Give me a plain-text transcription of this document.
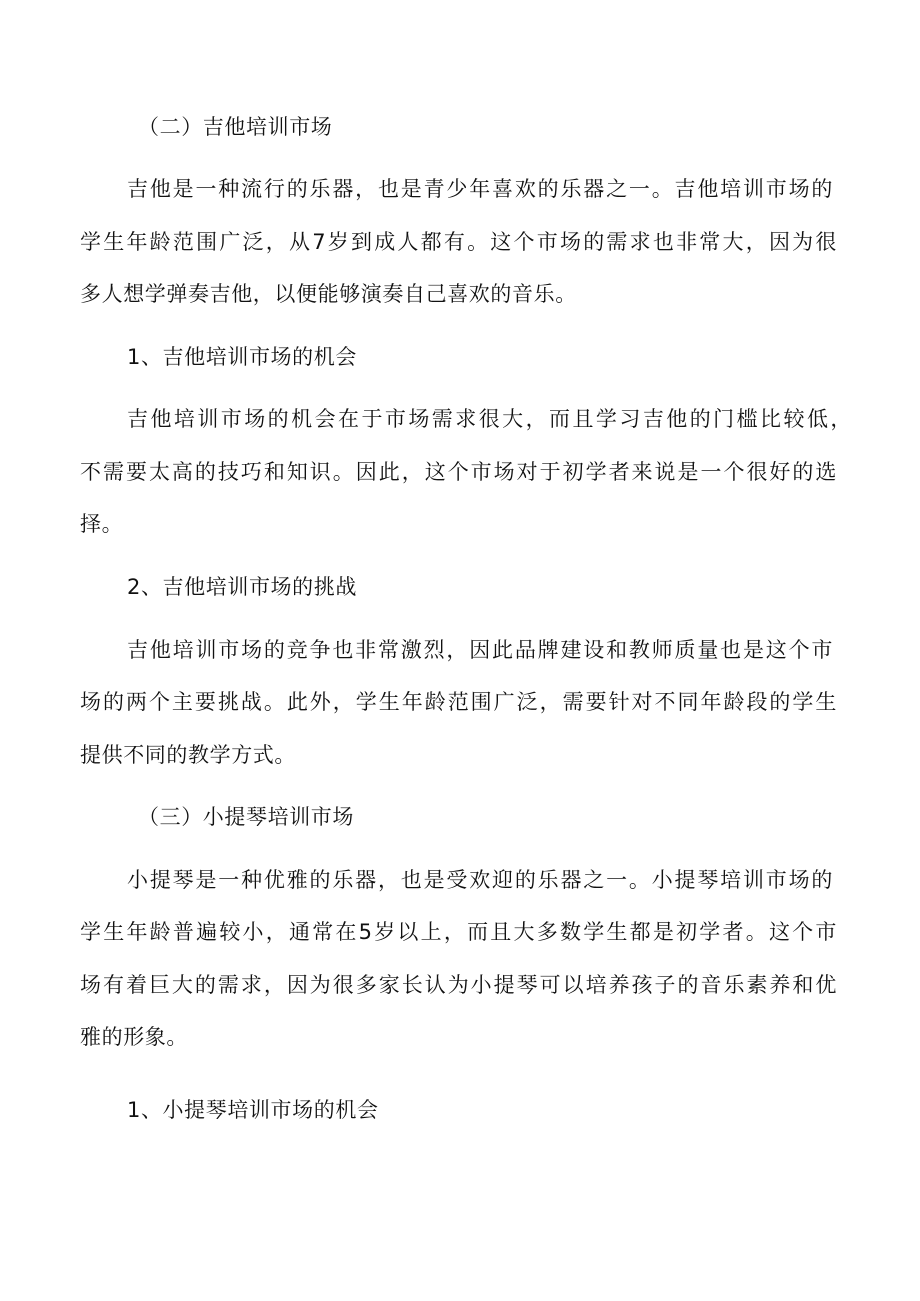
（二）吉他培训市场
吉他是一种流行的乐器，也是青少年喜欢的乐器之一。吉他培训市场的
学生年龄范围广泛，从7岁到成人都有。这个市场的需求也非常大，因为很
多人想学弹奏吉他，以便能够演奏自己喜欢的音乐。
1、吉他培训市场的机会
吉他培训市场的机会在于市场需求很大，而且学习吉他的门槛比较低，
不需要太高的技巧和知识。因此，这个市场对于初学者来说是一个很好的选
择。
2、吉他培训市场的挑战
吉他培训市场的竞争也非常激烈，因此品牌建设和教师质量也是这个市
场的两个主要挑战。此外，学生年龄范围广泛，需要针对不同年龄段的学生
提供不同的教学方式。
（三）小提琴培训市场
小提琴是一种优雅的乐器，也是受欢迎的乐器之一。小提琴培训市场的
学生年龄普遍较小，通常在5岁以上，而且大多数学生都是初学者。这个市
场有着巨大的需求，因为很多家长认为小提琴可以培养孩子的音乐素养和优
雅的形象。
1、小提琴培训市场的机会
